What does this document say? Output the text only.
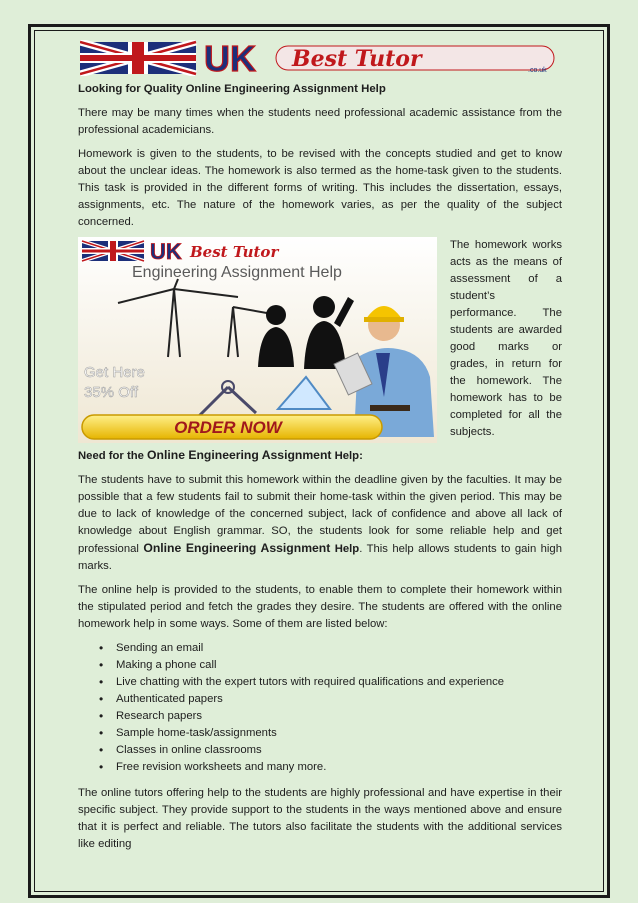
UK Best Tutor	.co.uk

Looking for Quality Online Engineering Assignment Help

There may be many times when the students need professional academic assistance from the professional academicians.

Homework is given to the students, to be revised with the concepts studied and get to know about the unclear ideas. The homework is also termed as the home-task given to the students. This task is provided in the different forms of writing. This includes the dissertation, essays, assignments, etc. The nature of the homework varies, as per the quality of the subject concerned.

UK Best Tutor
Engineering Assignment Help
Get Here
35% Off
ORDER NOW
The homework works acts as the means of assessment of a student’s performance. The students are awarded good marks or grades, in return for the homework. The homework has to be completed for all the subjects.

Need for the Online Engineering Assignment Help:

The students have to submit this homework within the deadline given by the faculties. It may be possible that a few students fail to submit their home-task within the given period. This may be due to lack of knowledge of the concerned subject, lack of confidence and above all lack of knowledge about English grammar. SO, the students look for some reliable help and get professional Online Engineering Assignment Help. This help allows students to gain high marks.

The online help is provided to the students, to enable them to complete their homework within the stipulated period and fetch the grades they desire. The students are offered with the online homework help in some ways. Some of them are listed below:

• Sending an email
• Making a phone call
• Live chatting with the expert tutors with required qualifications and experience
• Authenticated papers
• Research papers
• Sample home-task/assignments
• Classes in online classrooms
• Free revision worksheets and many more.

The online tutors offering help to the students are highly professional and have expertise in their specific subject. They provide support to the students in the ways mentioned above and ensure that it is perfect and reliable. The tutors also facilitate the students with the additional services like editing
